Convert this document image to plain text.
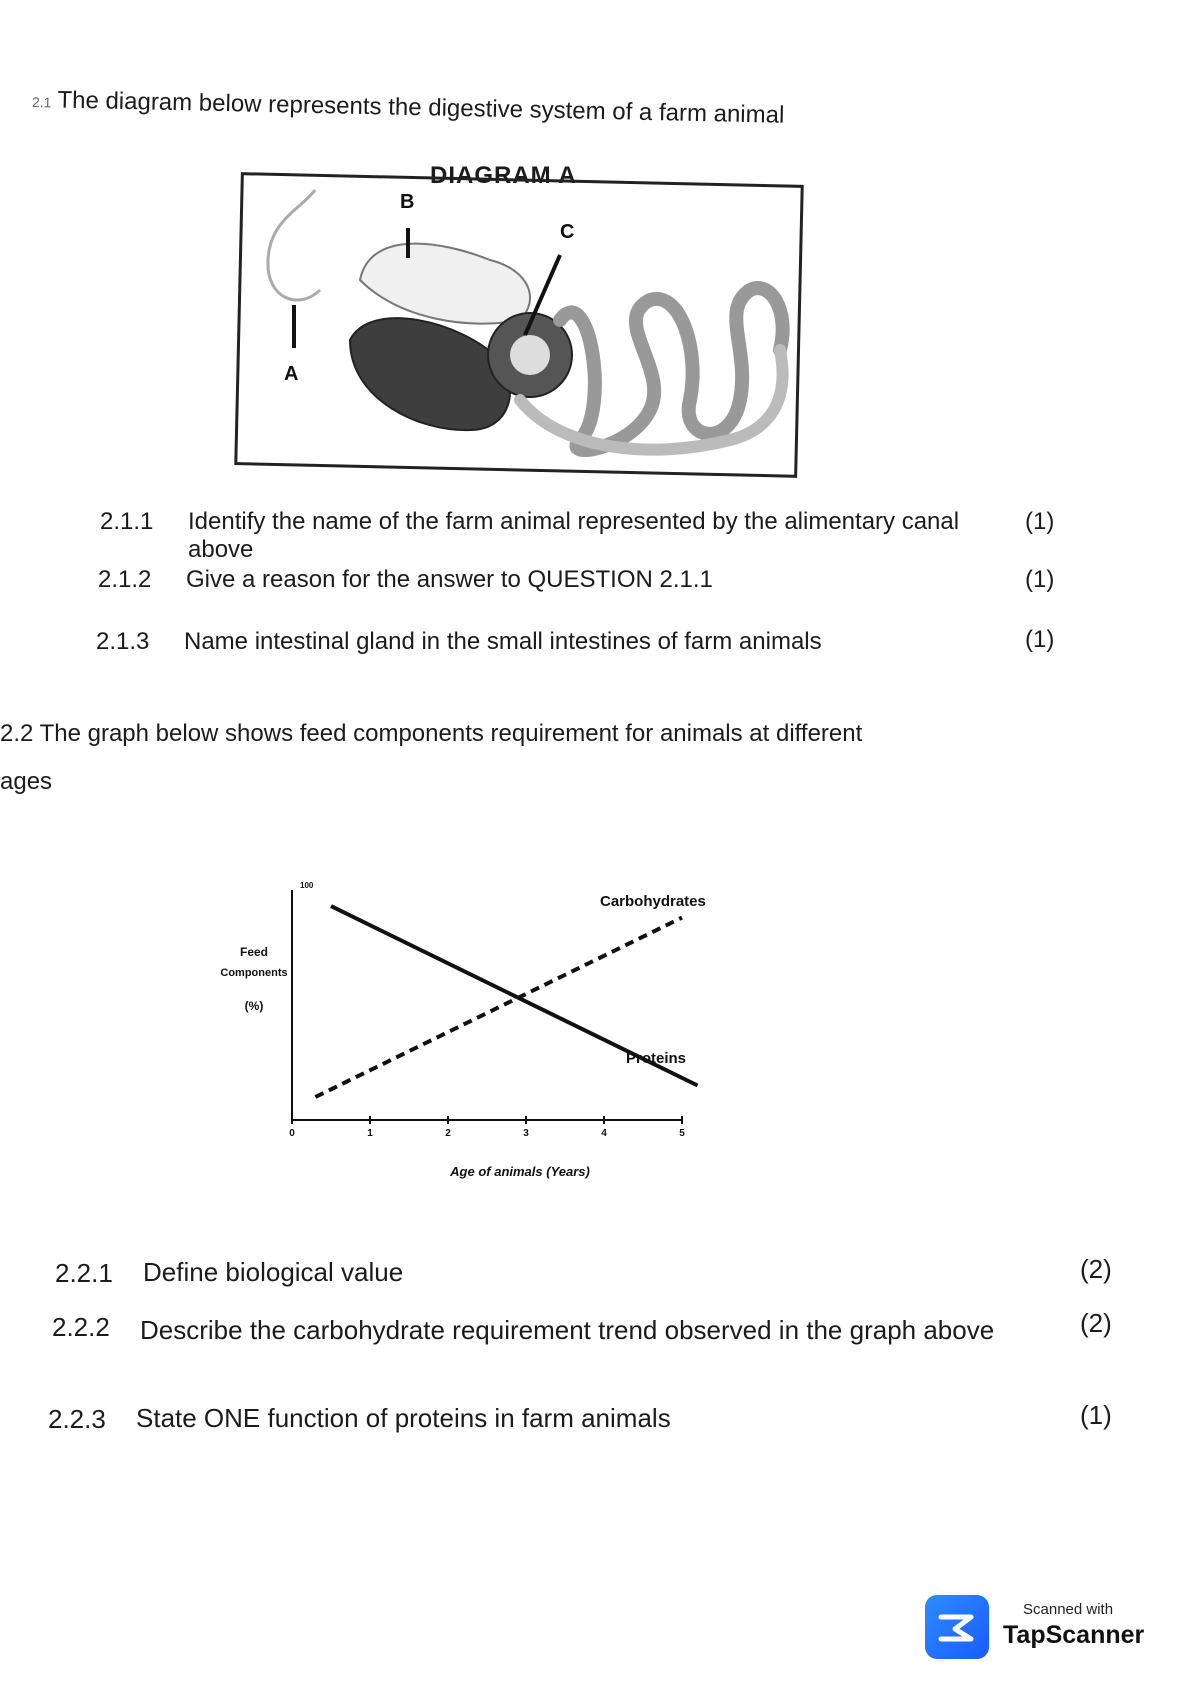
2.1 The diagram below represents the digestive system of a farm animal
DIAGRAM A
A
B
C
2.1.1 Identify the name of the farm animal represented by the alimentary canal above
(1)
2.1.2 Give a reason for the answer to QUESTION 2.1.1	(1)
2.1.3 Name intestinal gland in the small intestines of farm animals	(1)
2.2 The graph below shows feed components requirement for animals at different
ages
Feed
Components
(%)
100
0	1	2	3	4	5
Carbohydrates
Proteins
Age of animals (Years)
2.2.1 Define biological value	(2)
2.2.2 Describe the carbohydrate requirement trend observed in the graph above	(2)
2.2.3 State ONE function of proteins in farm animals	(1)
Scanned with
TapScanner
